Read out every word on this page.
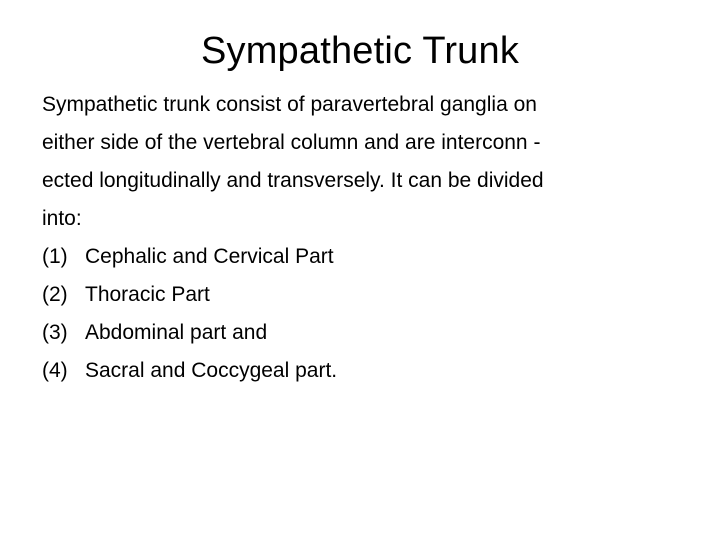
Sympathetic Trunk
Sympathetic trunk consist of paravertebral ganglia on
either side of the vertebral column and are interconn -
ected longitudinally and transversely. It can be divided
into:
(1) Cephalic and Cervical Part
(2) Thoracic Part
(3) Abdominal part and
(4) Sacral and Coccygeal part.
